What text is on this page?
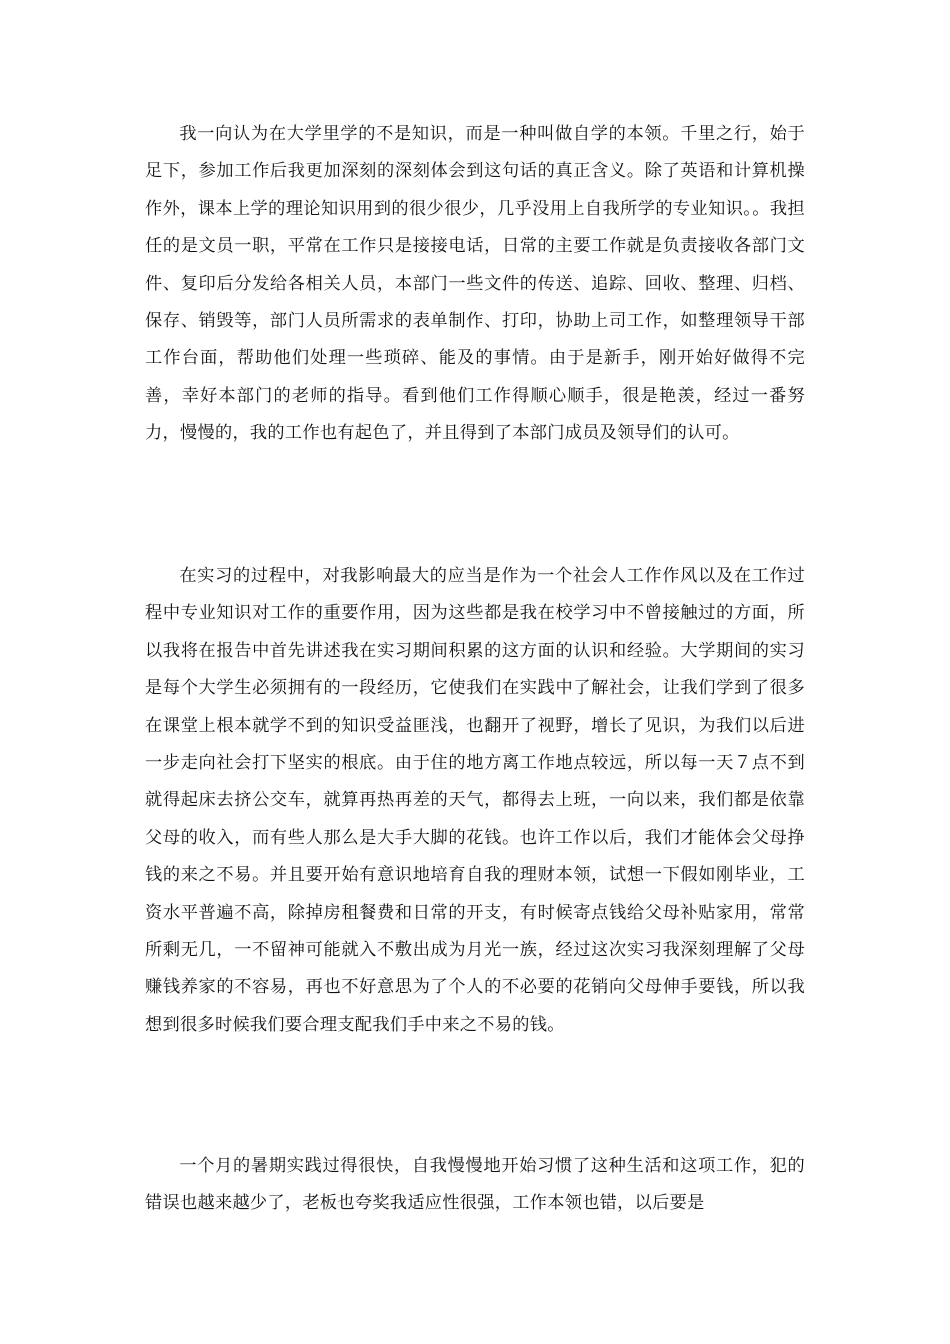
我一向认为在大学里学的不是知识，而是一种叫做自学的本领。千里之行，始于足下，参加工作后我更加深刻的深刻体会到这句话的真正含义。除了英语和计算机操作外，课本上学的理论知识用到的很少很少，几乎没用上自我所学的专业知识。。我担任的是文员一职，平常在工作只是接接电话，日常的主要工作就是负责接收各部门文件、复印后分发给各相关人员，本部门一些文件的传送、追踪、回收、整理、归档、保存、销毁等，部门人员所需求的表单制作、打印，协助上司工作，如整理领导干部工作台面，帮助他们处理一些琐碎、能及的事情。由于是新手，刚开始好做得不完善，幸好本部门的老师的指导。看到他们工作得顺心顺手，很是艳羡，经过一番努力，慢慢的，我的工作也有起色了，并且得到了本部门成员及领导们的认可。

在实习的过程中，对我影响最大的应当是作为一个社会人工作作风以及在工作过程中专业知识对工作的重要作用，因为这些都是我在校学习中不曾接触过的方面，所以我将在报告中首先讲述我在实习期间积累的这方面的认识和经验。大学期间的实习是每个大学生必须拥有的一段经历，它使我们在实践中了解社会，让我们学到了很多在课堂上根本就学不到的知识受益匪浅，也翻开了视野，增长了见识，为我们以后进一步走向社会打下坚实的根底。由于住的地方离工作地点较远，所以每一天７点不到就得起床去挤公交车，就算再热再差的天气，都得去上班，一向以来，我们都是依靠父母的收入，而有些人那么是大手大脚的花钱。也许工作以后，我们才能体会父母挣钱的来之不易。并且要开始有意识地培育自我的理财本领，试想一下假如刚毕业，工资水平普遍不高，除掉房租餐费和日常的开支，有时候寄点钱给父母补贴家用，常常所剩无几，一不留神可能就入不敷出成为月光一族，经过这次实习我深刻理解了父母赚钱养家的不容易，再也不好意思为了个人的不必要的花销向父母伸手要钱，所以我想到很多时候我们要合理支配我们手中来之不易的钱。

一个月的暑期实践过得很快，自我慢慢地开始习惯了这种生活和这项工作，犯的错误也越来越少了，老板也夸奖我适应性很强，工作本领也错，以后要是
